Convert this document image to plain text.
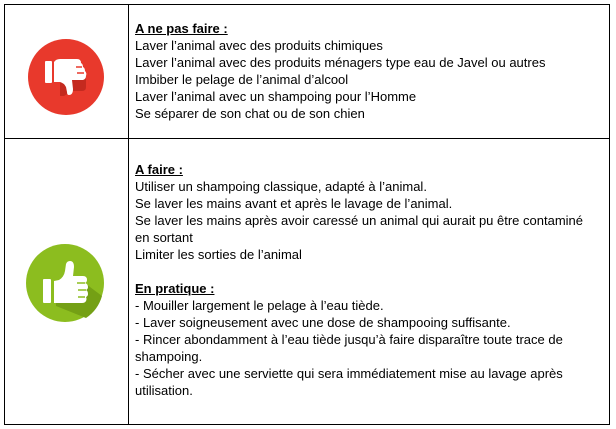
A ne pas faire :
Laver l’animal avec des produits chimiques
Laver l’animal avec des produits ménagers type eau de Javel ou autres
Imbiber le pelage de l’animal d’alcool
Laver l’animal avec un shampoing pour l’Homme
Se séparer de son chat ou de son chien
A faire :
Utiliser un shampoing classique, adapté à l’animal.
Se laver les mains avant et après le lavage de l’animal.
Se laver les mains après avoir caressé un animal qui aurait pu être contaminé
en sortant
Limiter les sorties de l’animal
En pratique :
- Mouiller largement le pelage à l’eau tiède.
- Laver soigneusement avec une dose de shampooing suffisante.
- Rincer abondamment à l’eau tiède jusqu’à faire disparaître toute trace de
shampoing.
- Sécher avec une serviette qui sera immédiatement mise au lavage après
utilisation.
